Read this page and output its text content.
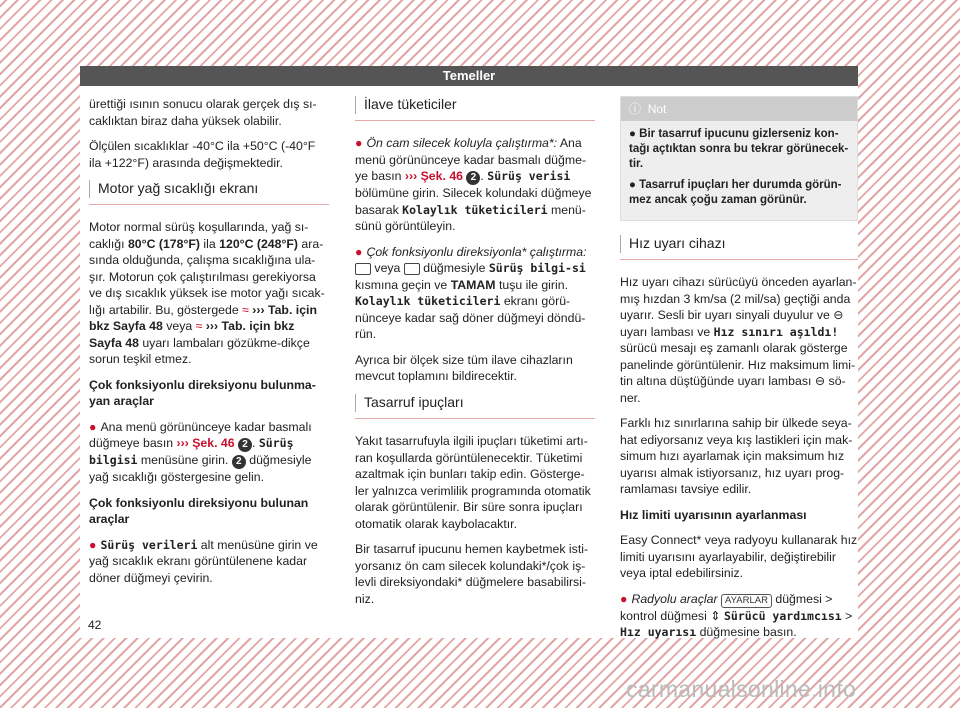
Temeller

ürettiği ısının sonucu olarak gerçek dış sı-caklıktan biraz daha yüksek olabilir.

Ölçülen sıcaklıklar -40°C ila +50°C (-40°F ila +122°F) arasında değişmektedir.

Motor yağ sıcaklığı ekranı

Motor normal sürüş koşullarında, yağ sı-caklığı 80°C (178°F) ila 120°C (248°F) ara-sında olduğunda, çalışma sıcaklığına ula-şır. Motorun çok çalıştırılması gerekiyorsa ve dış sıcaklık yüksek ise motor yağı sıcak-lığı artabilir. Bu, göstergede ≈ ››› Tab. için bkz Sayfa 48 veya ≈ ››› Tab. için bkz Sayfa 48 uyarı lambaları gözükme-dikçe sorun teşkil etmez.

Çok fonksiyonlu direksiyonu bulunma-yan araçlar

● Ana menü görününceye kadar basmalı düğmeye basın ››› Şek. 46 2 . Sürüş bilgisi menüsüne girin. 2 düğmesiyle yağ sıcaklığı göstergesine gelin.

Çok fonksiyonlu direksiyonu bulunan araçlar

● Sürüş verileri alt menüsüne girin ve yağ sıcaklık ekranı görüntülenene kadar döner düğmeyi çevirin.

İlave tüketiciler

● Ön cam silecek koluyla çalıştırma*: Ana menü görününceye kadar basmalı düğme-ye basın ››› Şek. 46 2 . Sürüş verisi bölümüne girin. Silecek kolundaki düğmeye basarak Kolaylık tüketicileri menü-sünü görüntüleyin.

● Çok fonksiyonlu direksiyonla* çalıştırma:  veya  düğmesiyle Sürüş bilgi-si kısmına geçin ve TAMAM tuşu ile girin. Kolaylık tüketicileri ekranı görü-nünceye kadar sağ döner düğmeyi döndü-rün.

Ayrıca bir ölçek size tüm ilave cihazların mevcut toplamını bildirecektir.

Tasarruf ipuçları

Yakıt tasarrufuyla ilgili ipuçları tüketimi artı-ran koşullarda görüntülenecektir. Tüketimi azaltmak için bunları takip edin. Gösterge-ler yalnızca verimlilik programında otomatik olarak görüntülenir. Bir süre sonra ipuçları otomatik olarak kaybolacaktır.

Bir tasarruf ipucunu hemen kaybetmek isti-yorsanız ön cam silecek kolundaki*/çok iş-levli direksiyondaki* düğmelere basabilirsi-niz.

ⓘ Not

● Bir tasarruf ipucunu gizlerseniz kon-tağı açtıktan sonra bu tekrar görünecek-tir.

● Tasarruf ipuçları her durumda görün-mez ancak çoğu zaman görünür.

Hız uyarı cihazı

Hız uyarı cihazı sürücüyü önceden ayarlan-mış hızdan 3 km/sa (2 mil/sa) geçtiği anda uyarır. Sesli bir uyarı sinyali duyulur ve ⊖ uyarı lambası ve Hız sınırı aşıldı! sürücü mesajı eş zamanlı olarak gösterge panelinde görüntülenir. Hız maksimum limi-tin altına düştüğünde uyarı lambası ⊖ sö-ner.

Farklı hız sınırlarına sahip bir ülkede seya-hat ediyorsanız veya kış lastikleri için mak-simum hızı ayarlamak için maksimum hız uyarısı almak istiyorsanız, hız uyarı prog-ramlaması tavsiye edilir.

Hız limiti uyarısının ayarlanması

Easy Connect* veya radyoyu kullanarak hız limiti uyarısını ayarlayabilir, değiştirebilir veya iptal edebilirsiniz.

● Radyolu araçlar AYARLAR düğmesi > kontrol düğmesi ⇕ Sürücü yardımcısı > Hız uyarısı düğmesine basın.

42
carmanualsonline.info
